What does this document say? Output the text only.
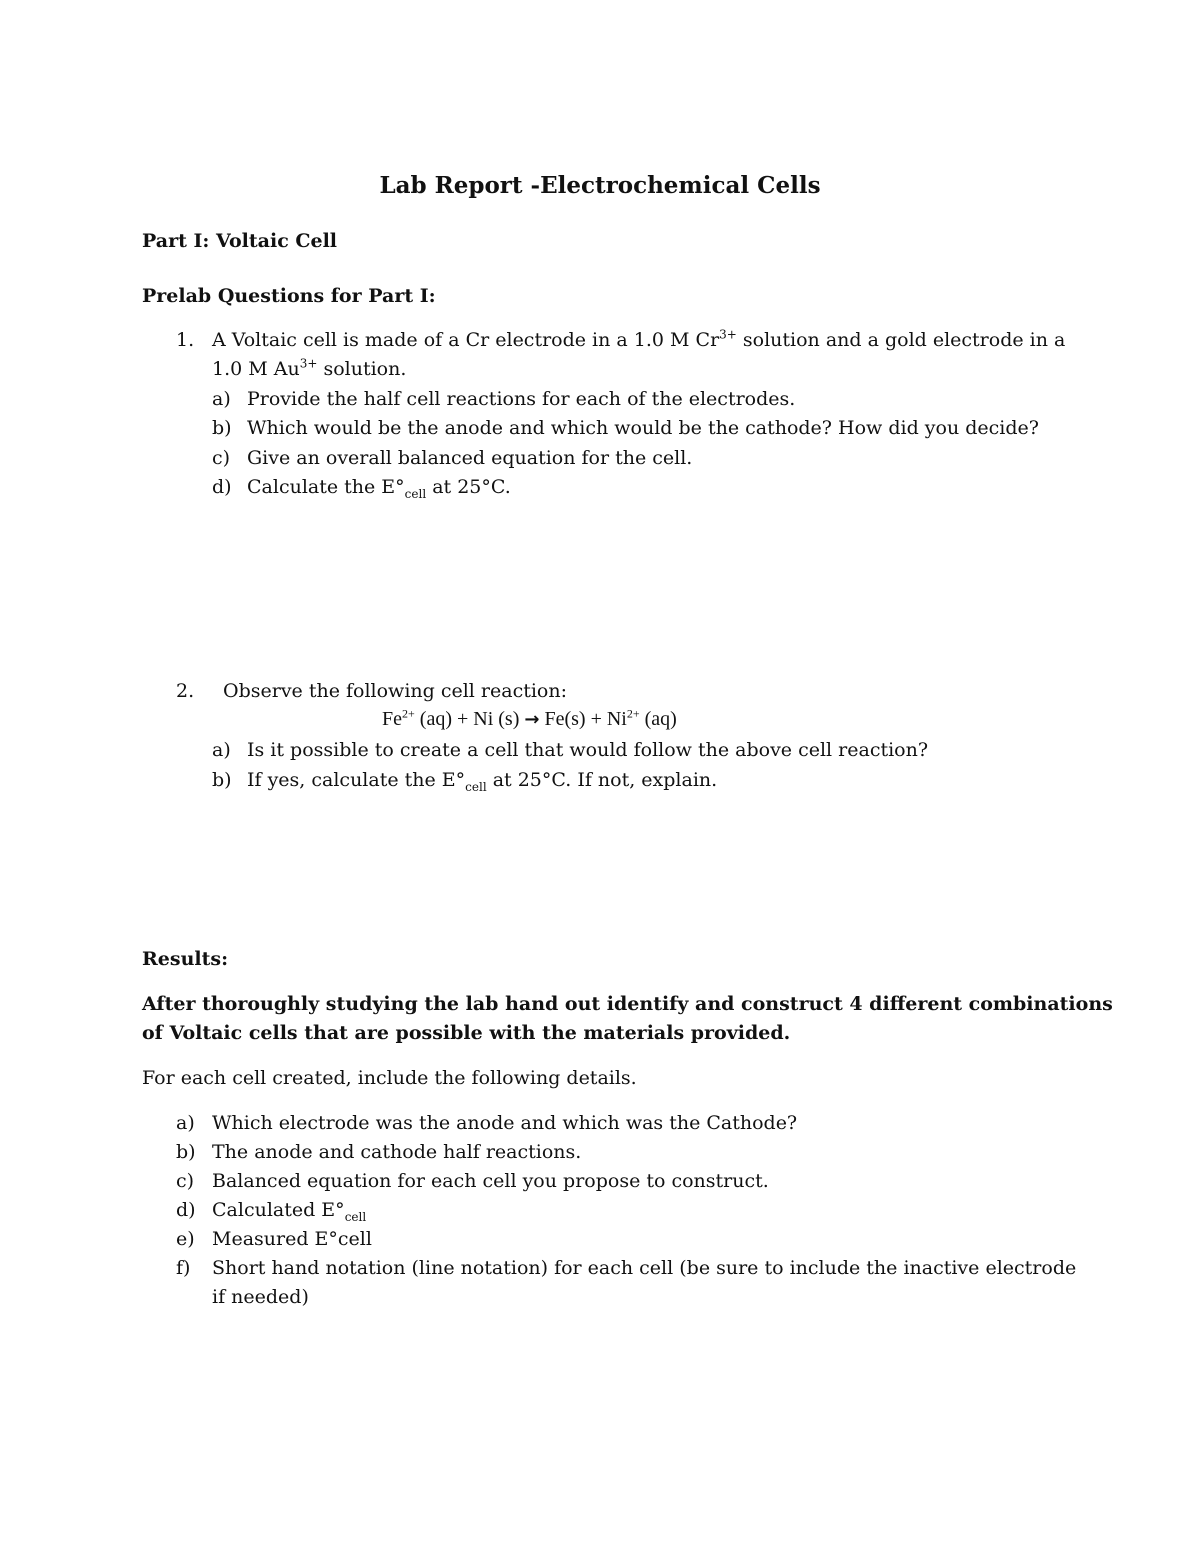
Lab Report -Electrochemical Cells
Part I: Voltaic Cell
Prelab Questions for Part I:
1. A Voltaic cell is made of a Cr electrode in a 1.0 M $Cr^{3+}$ solution and a gold electrode in a
1.0 M $Au^{3+}$ solution.
a) Provide the half cell reactions for each of the electrodes.
b) Which would be the anode and which would be the cathode? How did you decide?
c) Give an overall balanced equation for the cell.
d) Calculate the $E^\circ_{cell}$ at 25°C.
2. Observe the following cell reaction:
$Fe^{2+}$ (aq) + Ni $(s) \to Fe(s) + Ni^{2+}$ (aq)
a) Is it possible to create a cell that would follow the above cell reaction?
b) If yes, calculate the $E^\circ_{cell}$ at 25°C. If not, explain.
Results:
After thoroughly studying the lab hand out identify and construct 4 different combinations
of Voltaic cells that are possible with the materials provided.
For each cell created, include the following details.
a) Which electrode was the anode and which was the Cathode?
b) The anode and cathode half reactions.
c) Balanced equation for each cell you propose to construct.
d) Calculated $E^\circ_{cell}$
e) Measured E°cell
f) Short hand notation (line notation) for each cell (be sure to include the inactive electrode
if needed)
